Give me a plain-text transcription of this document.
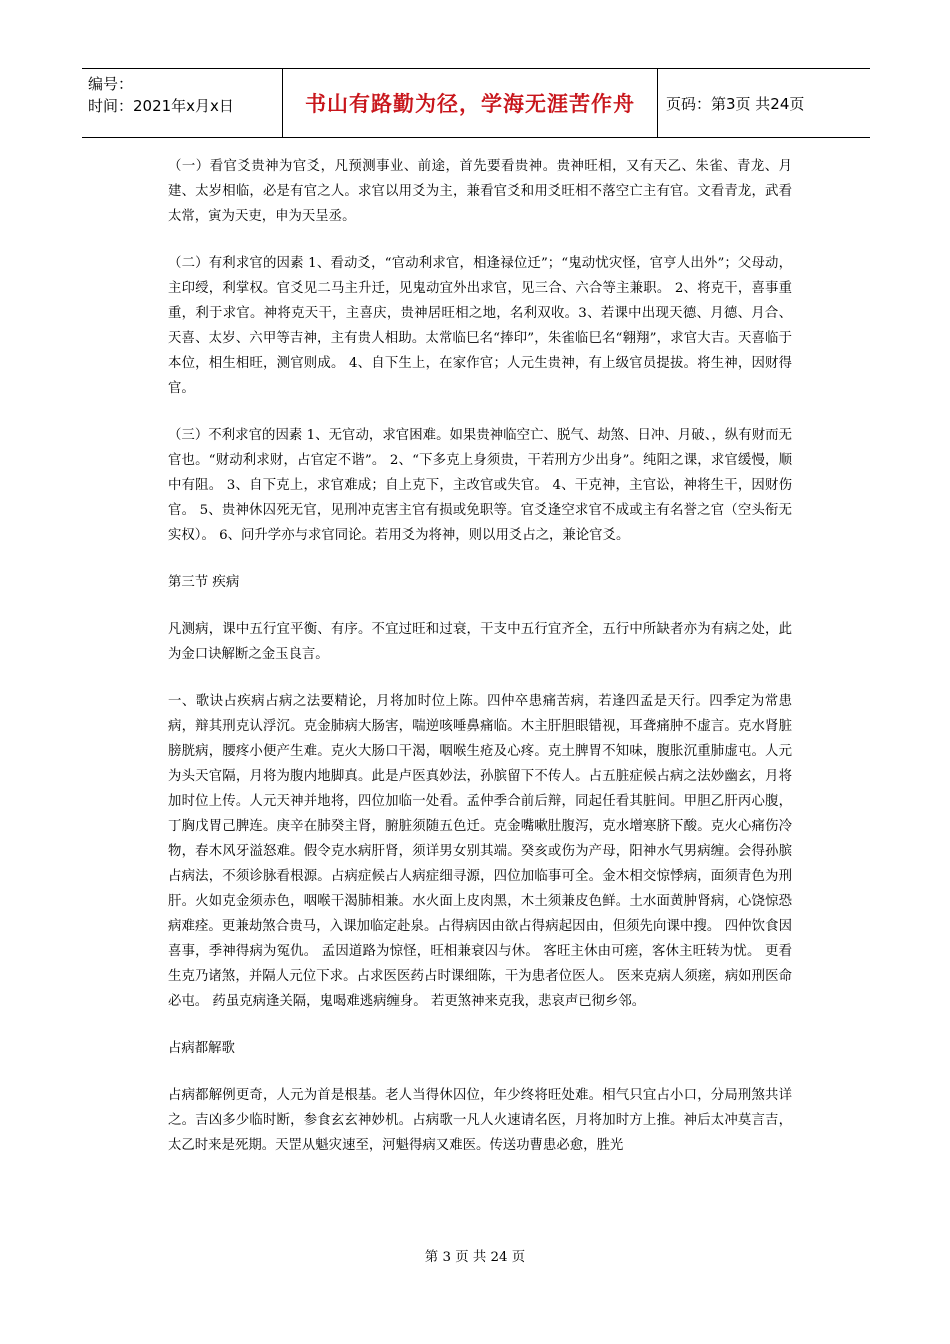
编号：
时间：2021年x月x日	书山有路勤为径，学海无涯苦作舟 页码：第3页 共24页

（一）看官爻贵神为官爻，凡预测事业、前途，首先要看贵神。贵神旺相，又有天乙、朱雀、青龙、月建、太岁相临，必是有官之人。求官以用爻为主，兼看官爻和用爻旺相不落空亡主有官。文看青龙，武看太常，寅为天吏，申为天呈丞。

（二）有利求官的因素 1、看动爻，“官动利求官，相逢禄位迁”；“鬼动忧灾怪，官亨人出外”；父母动，主印绶，利掌权。官爻见二马主升迁，见鬼动宜外出求官，见三合、六合等主兼职。 2、将克干，喜事重重，利于求官。神将克天干，主喜庆，贵神居旺相之地，名利双收。3、若课中出现天德、月德、月合、天喜、太岁、六甲等吉神，主有贵人相助。太常临巳名“捧印”，朱雀临巳名“翱翔”，求官大吉。天喜临于本位，相生相旺，测官则成。 4、自下生上，在家作官；人元生贵神，有上级官员提拔。将生神，因财得官。

（三）不利求官的因素 1、无官动，求官困难。如果贵神临空亡、脱气、劫煞、日冲、月破、，纵有财而无官也。“财动利求财，占官定不谐”。 2、“下多克上身须贵，干若刑方少出身”。纯阳之课，求官缓慢，顺中有阻。 3、自下克上，求官难成；自上克下，主改官或失官。 4、干克神，主官讼，神将生干，因财伤官。 5、贵神休囚死无官，见刑冲克害主官有损或免职等。官爻逢空求官不成或主有名誉之官（空头衔无实权）。 6、问升学亦与求官同论。若用爻为将神，则以用爻占之，兼论官爻。

第三节 疾病

凡测病，课中五行宜平衡、有序。不宜过旺和过衰，干支中五行宜齐全，五行中所缺者亦为有病之处，此为金口诀解断之金玉良言。

一、歌诀占疾病占病之法要精论，月将加时位上陈。四仲卒患痛苦病，若逢四孟是天行。四季定为常患病，辩其刑克认浮沉。克金肺病大肠害，喘逆咳唾鼻痛临。木主肝胆眼错视，耳聋痛肿不虚言。克水肾脏膀胱病，腰疼小便产生难。克火大肠口干渴，咽喉生疮及心疼。克土脾胃不知味，腹胀沉重肺虚屯。人元为头天官隔，月将为腹内地脚真。此是卢医真妙法，孙膑留下不传人。占五脏症候占病之法妙幽玄，月将加时位上传。人元天神并地将，四位加临一处看。孟仲季合前后辩，同起任看其脏间。甲胆乙肝丙心腹，丁胸戊胃己脾连。庚辛在肺癸主肾，腑脏须随五色迁。克金嘴嗽肚腹泻，克水增寒脐下酸。克火心痛伤冷物，春木风牙溢怒难。假令克水病肝肾，须详男女别其端。癸亥或伤为产母，阳神水气男病缠。会得孙膑占病法，不须诊脉看根源。占病症候占人病症细寻源，四位加临事可全。金木相交惊悸病，面须青色为刑肝。火如克金须赤色，咽喉干渴肺相兼。水火面上皮肉黑，木土须兼皮色鲜。土水面黄肿肾病，心饶惊恐病难痊。更兼劫煞合贵马，入课加临定赴泉。占得病因由欲占得病起因由，但须先向课中搜。 四仲饮食因喜事，季神得病为冤仇。 孟因道路为惊怪，旺相兼衰囚与休。 客旺主休由可瘥，客休主旺转为忧。 更看生克乃诸煞，并隔人元位下求。占求医医药占时课细陈，干为患者位医人。 医来克病人须瘥，病如刑医命必屯。 药虽克病逢关隔，鬼喝难逃病缠身。 若更煞神来克我，悲哀声已彻乡邻。

占病都解歌

占病都解例更奇，人元为首是根基。老人当得休囚位，年少终将旺处难。相气只宜占小口，分局刑煞共详之。吉凶多少临时断，参食玄玄神妙机。占病歌一凡人火速请名医，月将加时方上推。神后太冲莫言吉，太乙时来是死期。天罡从魁灾速至，河魁得病又难医。传送功曹患必愈，胜光

第 3 页 共 24 页
